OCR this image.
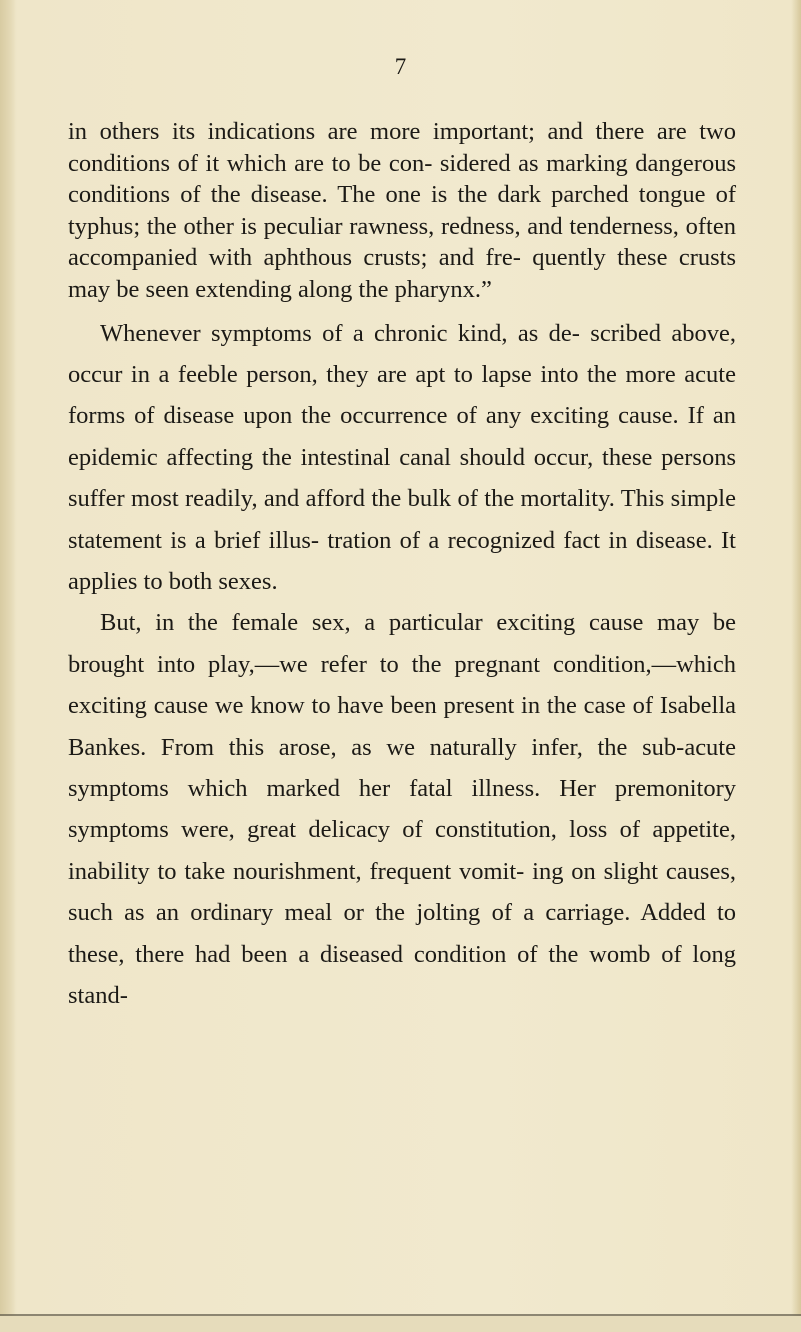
7

in others its indications are more important; and there are two conditions of it which are to be con- sidered as marking dangerous conditions of the disease. The one is the dark parched tongue of typhus; the other is peculiar rawness, redness, and tenderness, often accompanied with aphthous crusts; and fre- quently these crusts may be seen extending along the pharynx.”

Whenever symptoms of a chronic kind, as de- scribed above, occur in a feeble person, they are apt to lapse into the more acute forms of disease upon the occurrence of any exciting cause. If an epidemic affecting the intestinal canal should occur, these persons suffer most readily, and afford the bulk of the mortality. This simple statement is a brief illus- tration of a recognized fact in disease. It applies to both sexes.

But, in the female sex, a particular exciting cause may be brought into play,—we refer to the pregnant condition,—which exciting cause we know to have been present in the case of Isabella Bankes. From this arose, as we naturally infer, the sub-acute symptoms which marked her fatal illness. Her premonitory symptoms were, great delicacy of constitution, loss of appetite, inability to take nourishment, frequent vomit- ing on slight causes, such as an ordinary meal or the jolting of a carriage. Added to these, there had been a diseased condition of the womb of long stand-
